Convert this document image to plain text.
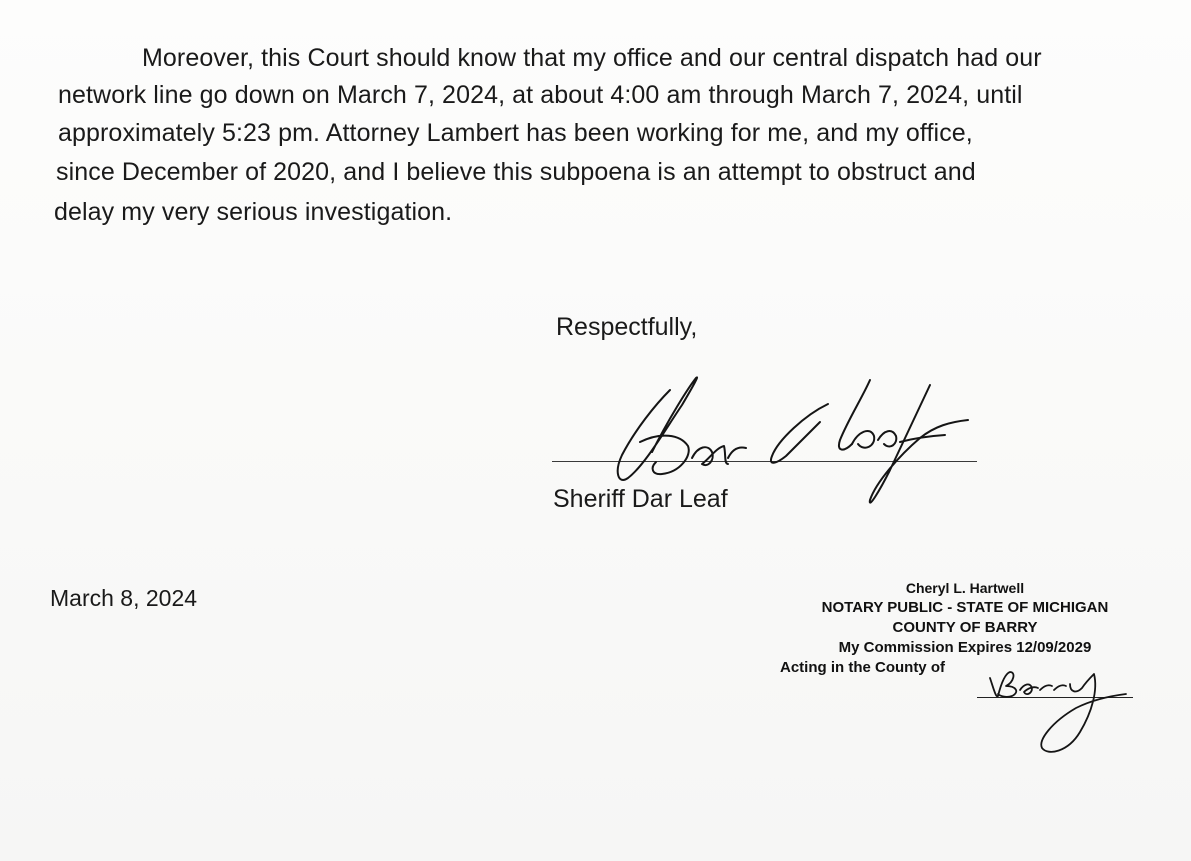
Moreover, this Court should know that my office and our central dispatch had our
network line go down on March 7, 2024, at about 4:00 am through March 7, 2024, until
approximately 5:23 pm. Attorney Lambert has been working for me, and my office,
since December of 2020, and I believe this subpoena is an attempt to obstruct and
delay my very serious investigation.
Respectfully,
Sheriff Dar Leaf
March 8, 2024	Cheryl L. Hartwell
NOTARY PUBLIC - STATE OF MICHIGAN
COUNTY OF BARRY
My Commission Expires 12/09/2029
Acting in the County of
